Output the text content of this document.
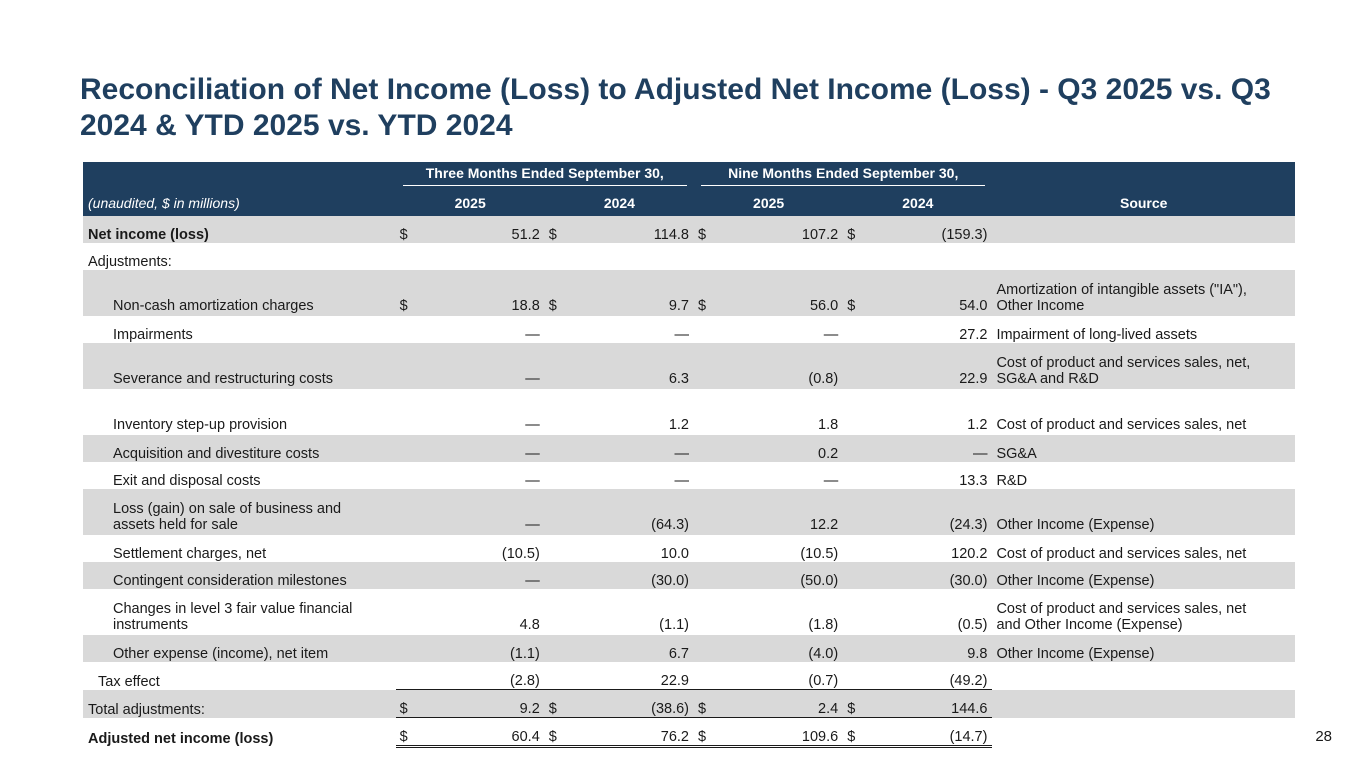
Reconciliation of Net Income (Loss) to Adjusted Net Income (Loss) - Q3 2025 vs. Q3 2024 & YTD 2025 vs. YTD 2024

	Three Months Ended September 30,				Nine Months Ended September 30,				

(unaudited, $ in millions)	2025		2024		2025		2024		Source
Net income (loss)	$	51.2	$	114.8	$	107.2	$	(159.3)	
Adjustments:									
Non-cash amortization charges	$	18.8	$	9.7	$	56.0	$	54.0	Amortization of intangible assets ("IA"),
Other Income

Impairments		—		—		—		27.2	Impairment of long-lived assets
Severance and restructuring costs		—		6.3		(0.8)		22.9	Cost of product and services sales, net,
SG&A and R&D

Inventory step-up provision		—		1.2		1.8		1.2	Cost of product and services sales, net
Acquisition and divestiture costs		—		—		0.2		—	SG&A
Exit and disposal costs		—		—		—		13.3	R&D

Loss (gain) on sale of business and
assets held for sale		—		(64.3)		12.2		(24.3)	Other Income (Expense)
Settlement charges, net		(10.5)		10.0		(10.5)		120.2	Cost of product and services sales, net
Contingent consideration milestones		—		(30.0)		(50.0)		(30.0)	Other Income (Expense)

Changes in level 3 fair value financial
instruments		4.8		(1.1)		(1.8)		(0.5)	Cost of product and services sales, net
and Other Income (Expense)

Other expense (income), net item		(1.1)		6.7		(4.0)		9.8	Other Income (Expense)
Tax effect		(2.8)		22.9		(0.7)		(49.2)	
Total adjustments:	$	9.2	$	(38.6)	$	2.4	$	144.6	
Adjusted net income (loss)	$	60.4	$	76.2	$	109.6	$	(14.7)		28
